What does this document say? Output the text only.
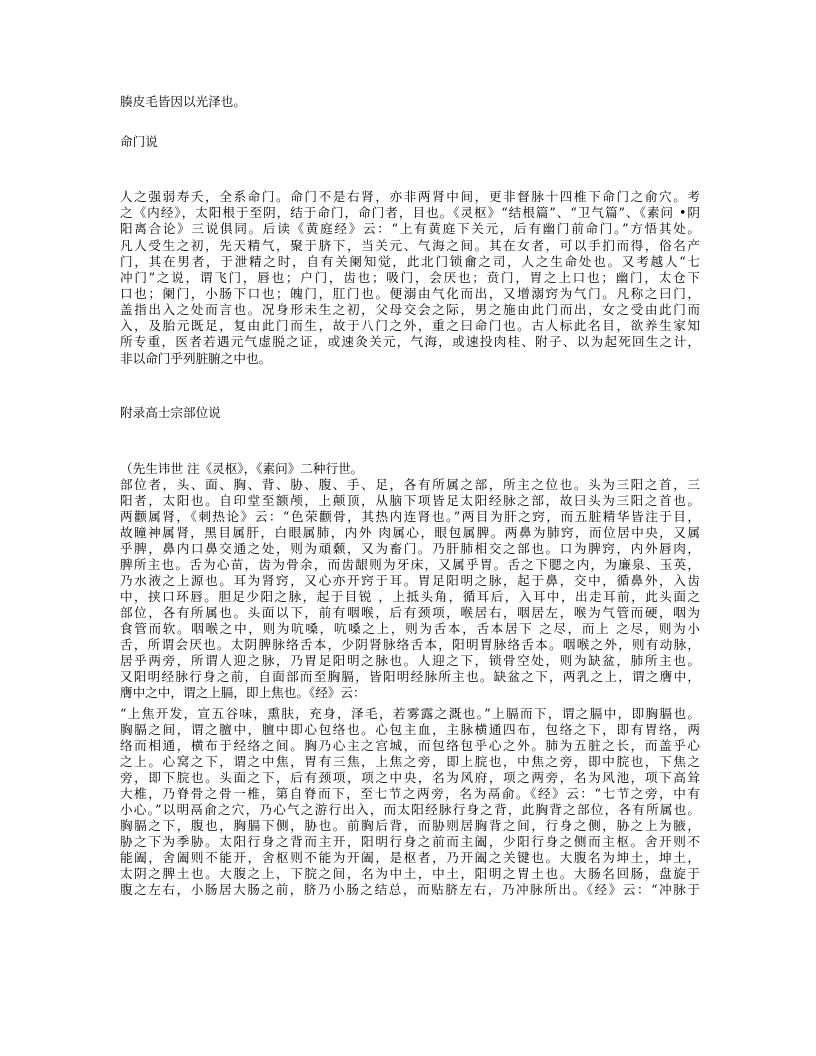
腠皮毛皆因以光泽也。
命门说
人之强弱寿夭，全系命门。命门不是右肾，亦非两肾中间，更非督脉十四椎下命门之俞穴。考
之《内经》，太阳根于至阴，结于命门，命门者，目也。《灵枢》“结根篇”、“卫气篇”、《素问 •阴
阳离合论》三说俱同。后读《黄庭经》云：“上有黄庭下关元，后有幽门前命门。”方悟其处。
凡人受生之初，先天精气，聚于脐下，当关元、气海之间。其在女者，可以手扪而得，俗名产
门，其在男者，于泄精之时，自有关阑知觉，此北门锁龠之司，人之生命处也。又考越人“七
冲门”之说，谓飞门，唇也；户门，齿也；吸门，会厌也；贲门，胃之上口也；幽门，太仓下
口也；阑门，小肠下口也；魄门，肛门也。便溺由气化而出，又增溺窍为气门。凡称之曰门，
盖指出入之处而言也。况身形未生之初，父母交会之际，男之施由此门而出，女之受由此门而
入，及胎元既足，复由此门而生，故于八门之外，重之曰命门也。古人标此名目，欲养生家知
所专重，医者若遇元气虚脱之证，或速灸关元，气海，或速投肉桂、附子、以为起死回生之计，
非以命门乎列脏腑之中也。
附录高士宗部位说
（先生讳世 注《灵枢》，《素问》二种行世。
部位者，头、面、胸、背、胁、腹、手、足，各有所属之部，所主之位也。头为三阳之首，三
阳者，太阳也。自印堂至额颅，上颠顶，从脑下项皆足太阳经脉之部，故曰头为三阳之首也。
两颧属肾，《刺热论》云：“色荣颧骨，其热内连肾也。”两目为肝之窍，而五脏精华皆注于目，
故瞳神属肾，黑目属肝，白眼属肺，内外 肉属心，眼包属脾。两鼻为肺窍，而位居中央，又属
乎脾，鼻内口鼻交通之处，则为頑颡，又为畜门。乃肝肺相交之部也。口为脾窍，内外唇肉，
脾所主也。舌为心苗，齿为骨余，而齿龈则为牙床，又属乎胃。舌之下腮之内，为廉泉、玉英，
乃水液之上源也。耳为肾窍，又心亦开窍于耳。胃足阳明之脉，起于鼻，交中，循鼻外，入齿
中，挟口环唇。胆足少阳之脉，起于目锐 ，上抵头角，循耳后，入耳中，出走耳前，此头面之
部位，各有所属也。头面以下，前有咽喉，后有颈项，喉居右，咽居左，喉为气管而硬，咽为
食管而软。咽喉之中，则为吭嗓，吭嗓之上，则为舌本，舌本居下 之尽，而上 之尽，则为小
舌，所谓会厌也。太阴脾脉络舌本，少阴肾脉络舌本，阳明胃脉络舌本。咽喉之外，则有动脉，
居乎两旁，所谓人迎之脉，乃胃足阳明之脉也。人迎之下，锁骨空处，则为缺盆，肺所主也。
又阳明经脉行身之前，自面部而至胸膈，皆阳明经脉所主也。缺盆之下，两乳之上，谓之膺中，
膺中之中，谓之上膈，即上焦也。《经》云：
“上焦开发，宣五谷味，熏肤，充身，泽毛，若雾露之溉也。”上膈而下，谓之膈中，即胸膈也。
胸膈之间，谓之膻中，膻中即心包络也。心包主血，主脉横通四布，包络之下，即有胃络，两
络而相通，横布于经络之间。胸乃心主之宫城，而包络包乎心之外。肺为五脏之长，而盖乎心
之上。心窝之下，谓之中焦，胃有三焦，上焦之旁，即上脘也，中焦之旁，即中脘也，下焦之
旁，即下脘也。头面之下，后有颈项，项之中央，名为风府，项之两旁，名为风池，项下高耸
大椎，乃脊骨之骨一椎，第自脊而下，至七节之两旁，名为鬲俞。《经》云：“七节之旁，中有
小心。”以明鬲俞之穴，乃心气之游行出入，而太阳经脉行身之背，此胸背之部位，各有所属也。
胸膈之下，腹也，胸膈下侧，胁也。前胸后背，而胁则居胸背之间，行身之侧，胁之上为腋，
胁之下为季胁。太阳行身之背而主开，阳明行身之前而主阖，少阳行身之侧而主枢。舍开则不
能阖，舍阖则不能开，舍枢则不能为开阖，是枢者，乃开阖之关键也。大腹名为坤土，坤土，
太阴之脾土也。大腹之上，下脘之间，名为中土，中土，阳明之胃土也。大肠名回肠，盘旋于
腹之左右，小肠居大肠之前，脐乃小肠之结总，而贴脐左右，乃冲脉所出。《经》云：“冲脉于
